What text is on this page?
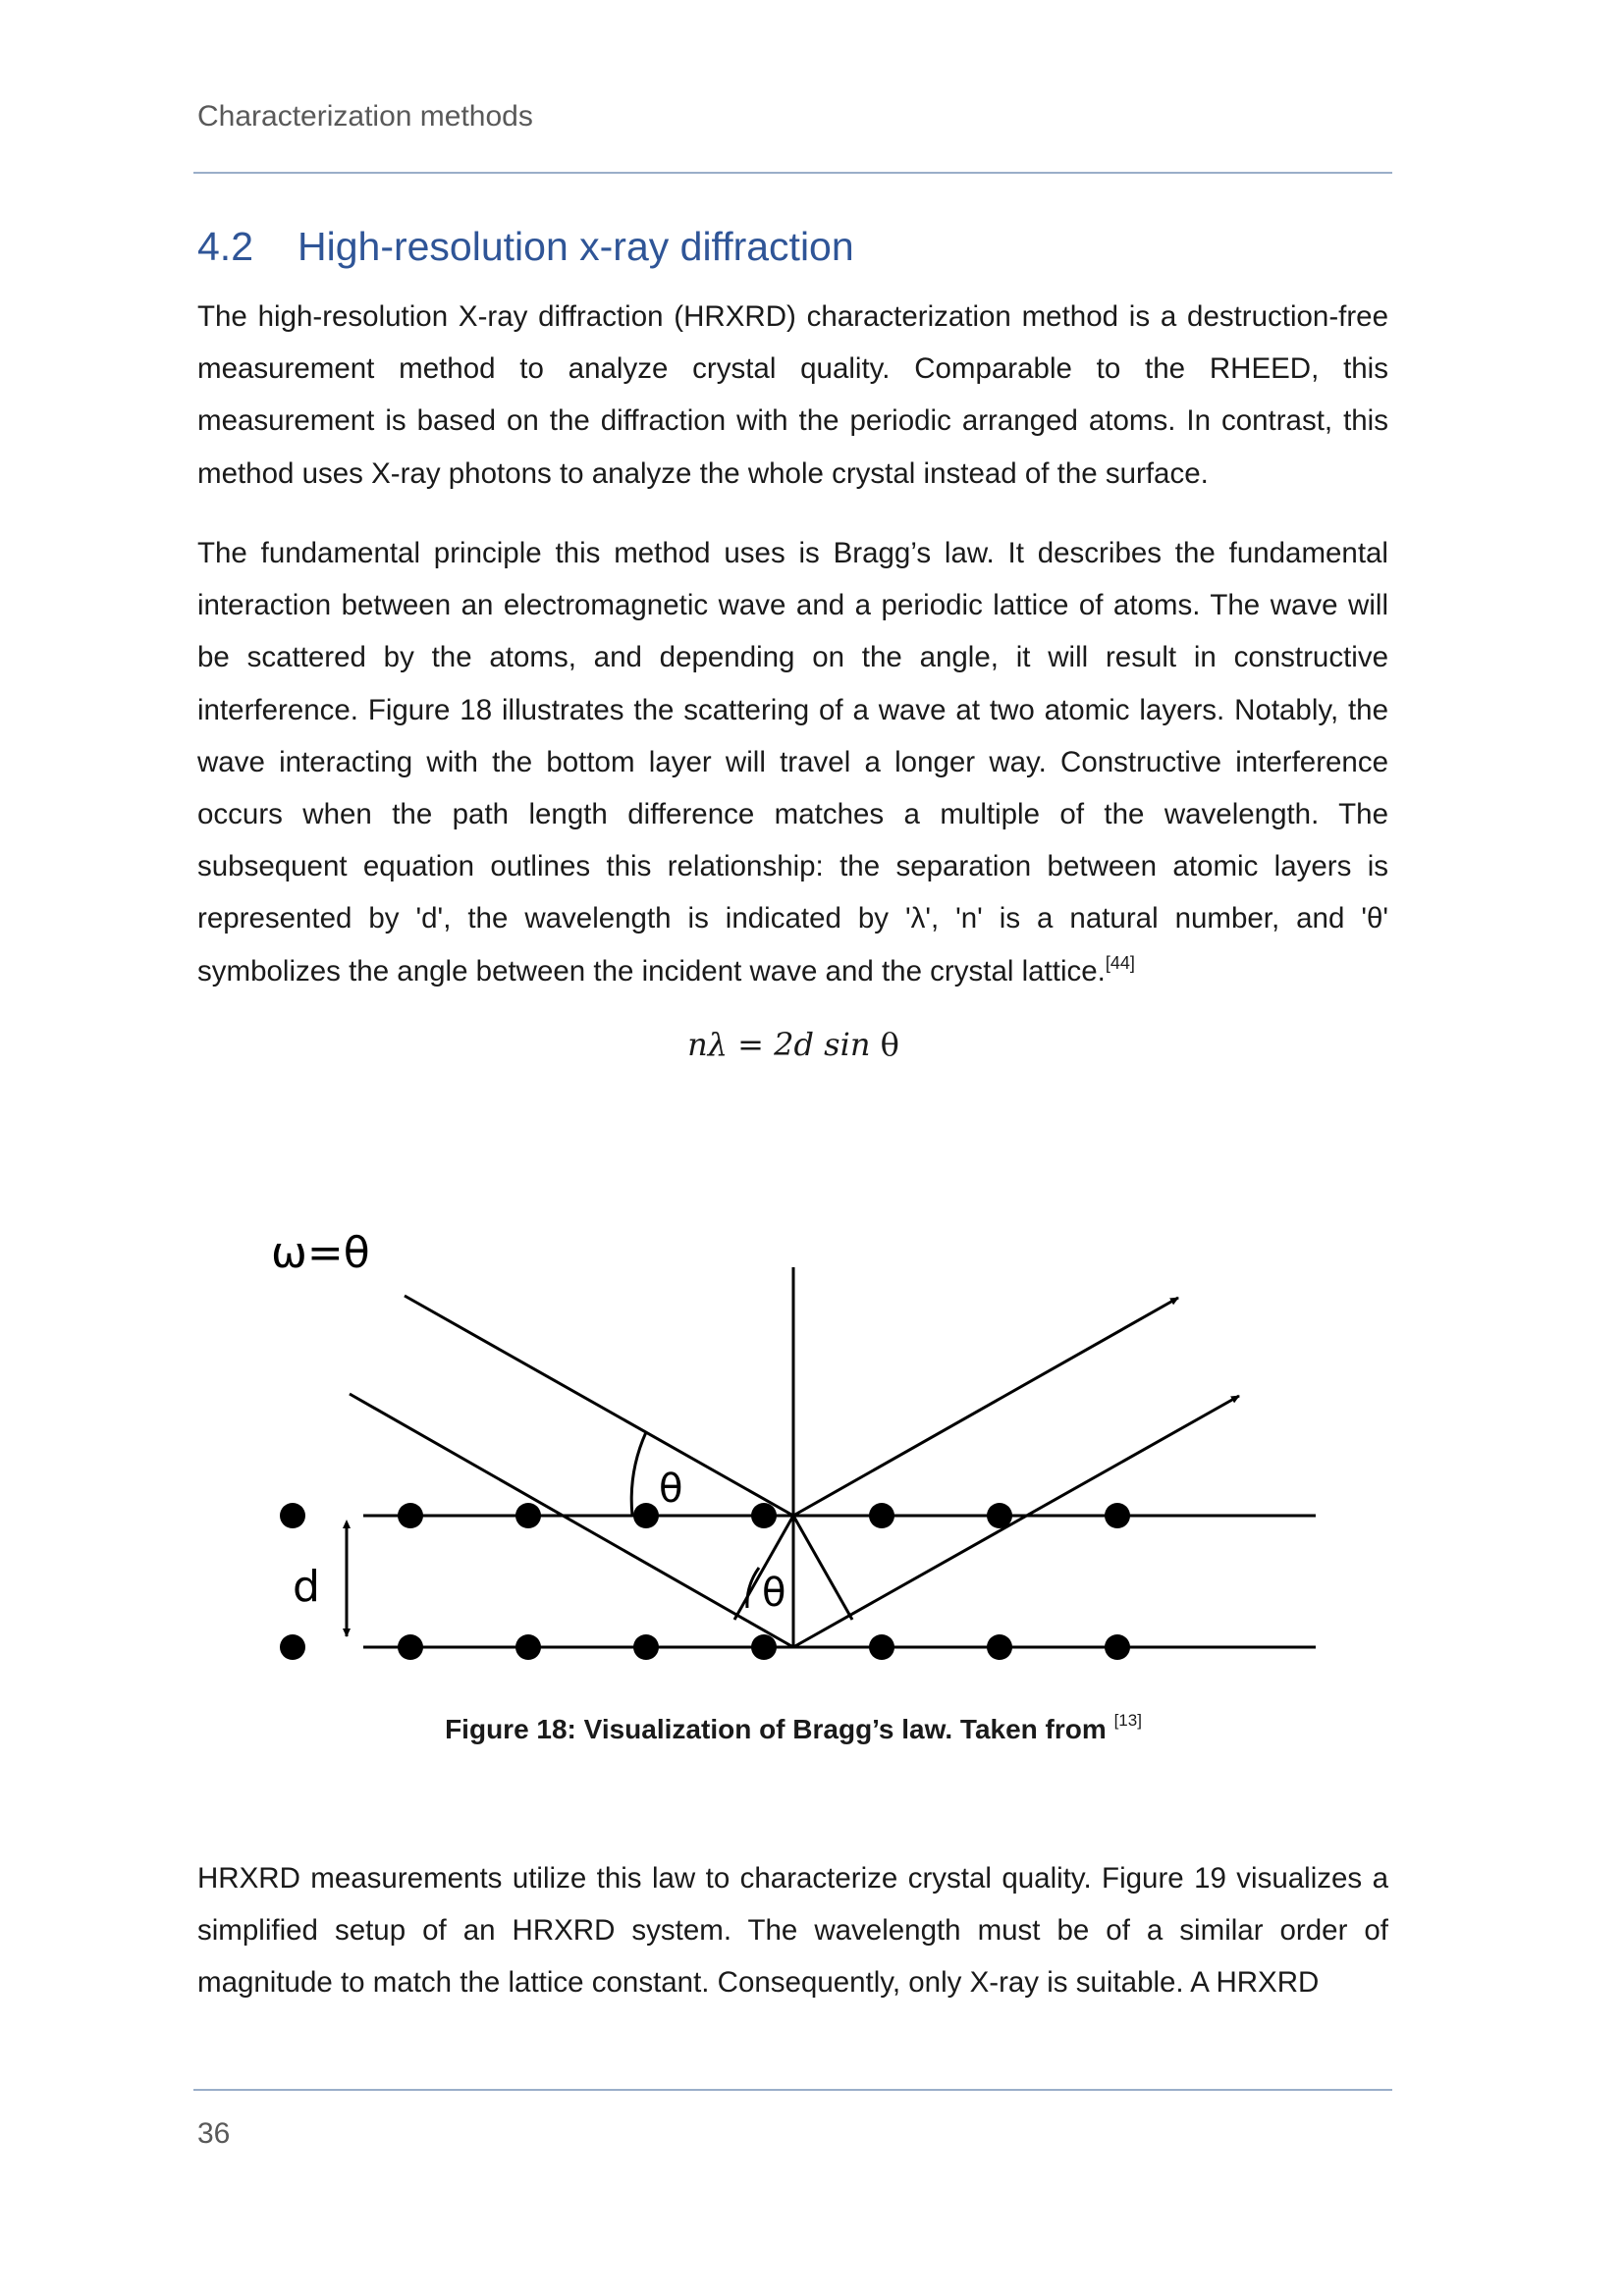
Characterization methods
4.2 High-resolution x-ray diffraction

The high-resolution X-ray diffraction (HRXRD) characterization method is a destruction-free measurement method to analyze crystal quality. Comparable to the RHEED, this measurement is based on the diffraction with the periodic arranged atoms. In contrast, this method uses X-ray photons to analyze the whole crystal instead of the surface.

The fundamental principle this method uses is Bragg’s law. It describes the fundamental interaction between an electromagnetic wave and a periodic lattice of atoms. The wave will be scattered by the atoms, and depending on the angle, it will result in constructive interference. Figure 18 illustrates the scattering of a wave at two atomic layers. Notably, the wave interacting with the bottom layer will travel a longer way. Constructive interference occurs when the path length difference matches a multiple of the wavelength. The subsequent equation outlines this relationship: the separation between atomic layers is represented by 'd', the wavelength is indicated by 'λ', 'n' is a natural number, and 'θ' symbolizes the angle between the incident wave and the crystal lattice.[44]

nλ = 2d sin θ
ω=θ
θ
θ
d
Figure 18: Visualization of Bragg’s law. Taken from [13]

HRXRD measurements utilize this law to characterize crystal quality. Figure 19 visualizes a simplified setup of an HRXRD system. The wavelength must be of a similar order of magnitude to match the lattice constant. Consequently, only X-ray is suitable. A HRXRD

36
